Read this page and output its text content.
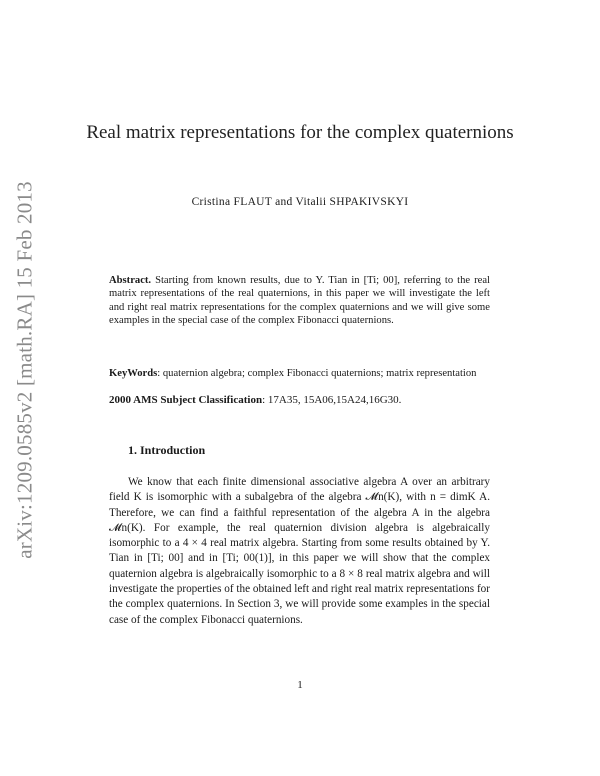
arXiv:1209.0585v2 [math.RA] 15 Feb 2013
Real matrix representations for the complex quaternions
Cristina FLAUT and Vitalii SHPAKIVSKYI

Abstract. Starting from known results, due to Y. Tian in [Ti; 00], referring to the real matrix representations of the real quaternions, in this paper we will investigate the left and right real matrix representations for the complex quaternions and we will give some examples in the special case of the complex Fibonacci quaternions.

KeyWords: quaternion algebra; complex Fibonacci quaternions; matrix representation

2000 AMS Subject Classification: 17A35, 15A06,15A24,16G30.

1. Introduction

We know that each finite dimensional associative algebra A over an arbitrary field K is isomorphic with a subalgebra of the algebra 𝓜n(K), with n = dimK A. Therefore, we can find a faithful representation of the algebra A in the algebra 𝓜n(K). For example, the real quaternion division algebra is algebraically isomorphic to a 4 × 4 real matrix algebra. Starting from some results obtained by Y. Tian in [Ti; 00] and in [Ti; 00(1)], in this paper we will show that the complex quaternion algebra is algebraically isomorphic to a 8 × 8 real matrix algebra and will investigate the properties of the obtained left and right real matrix representations for the complex quaternions. In Section 3, we will provide some examples in the special case of the complex Fibonacci quaternions.

1
